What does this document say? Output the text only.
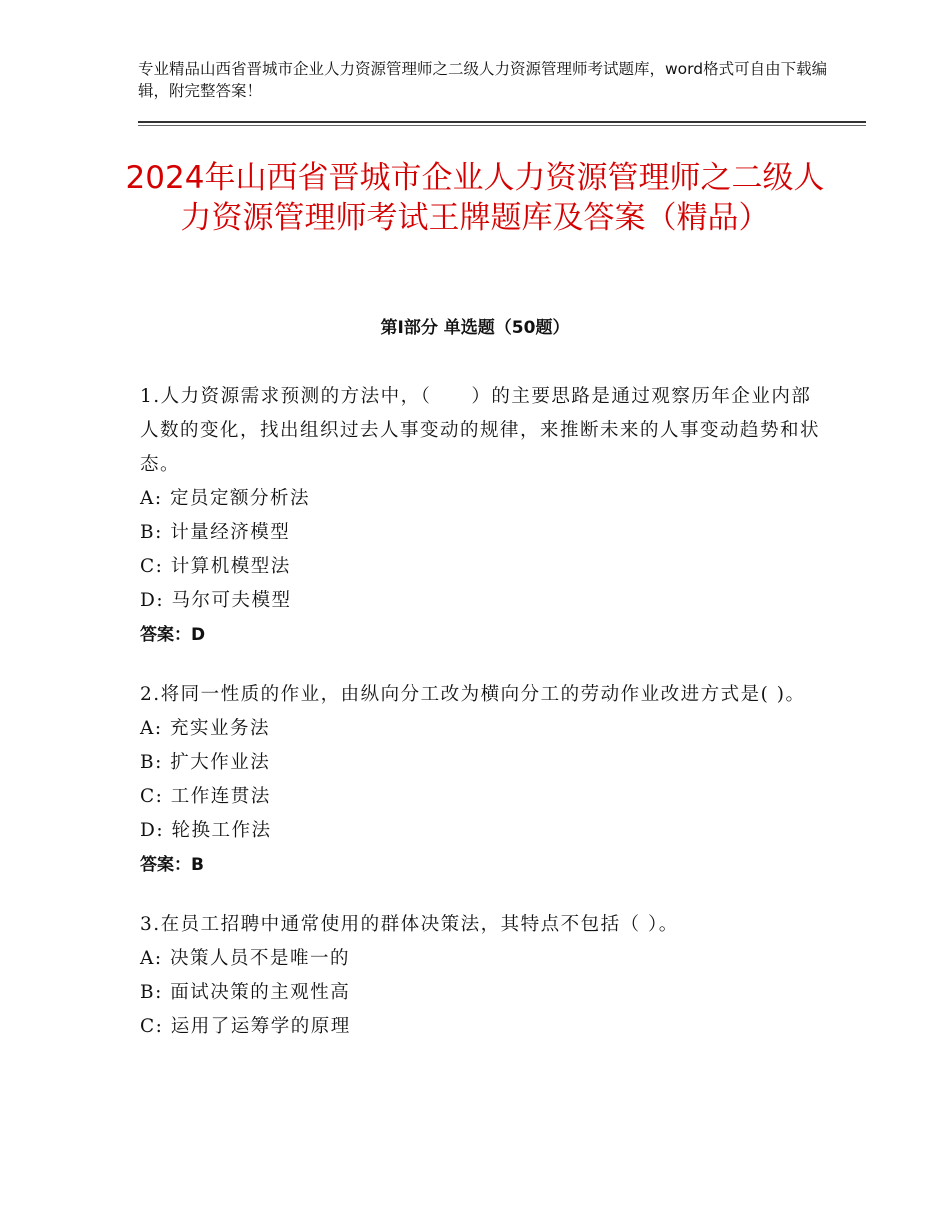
专业精品山西省晋城市企业人力资源管理师之二级人力资源管理师考试题库，word格式可自由下载编辑，附完整答案！
2024年山西省晋城市企业人力资源管理师之二级人力资源管理师考试王牌题库及答案（精品）
第Ⅰ部分 单选题（50题）

1.人力资源需求预测的方法中，（　　）的主要思路是通过观察历年企业内部人数的变化，找出组织过去人事变动的规律，来推断未来的人事变动趋势和状态。

A: 定员定额分析法

B: 计量经济模型

C: 计算机模型法

D: 马尔可夫模型

答案：D

2.将同一性质的作业，由纵向分工改为横向分工的劳动作业改进方式是( )。

A: 充实业务法

B: 扩大作业法

C: 工作连贯法

D: 轮换工作法

答案：B

3.在员工招聘中通常使用的群体决策法，其特点不包括（ ）。

A: 决策人员不是唯一的

B: 面试决策的主观性高

C: 运用了运筹学的原理
